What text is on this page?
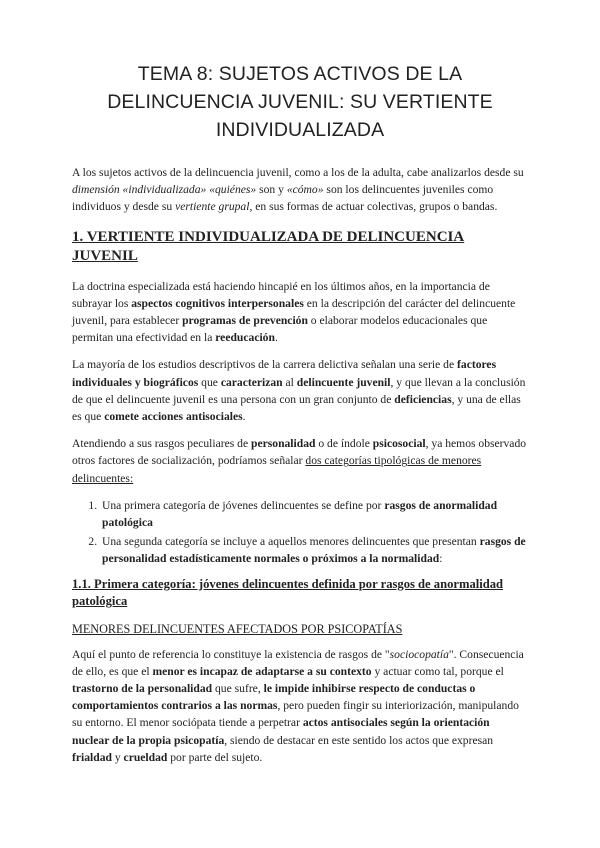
TEMA 8: SUJETOS ACTIVOS DE LA DELINCUENCIA JUVENIL: SU VERTIENTE INDIVIDUALIZADA

A los sujetos activos de la delincuencia juvenil, como a los de la adulta, cabe analizarlos desde su dimensión «individualizada» «quiénes» son y «cómo» son los delincuentes juveniles como individuos y desde su vertiente grupal, en sus formas de actuar colectivas, grupos o bandas.

1. VERTIENTE INDIVIDUALIZADA DE DELINCUENCIA JUVENIL

La doctrina especializada está haciendo hincapié en los últimos años, en la importancia de subrayar los aspectos cognitivos interpersonales en la descripción del carácter del delincuente juvenil, para establecer programas de prevención o elaborar modelos educacionales que permitan una efectividad en la reeducación.

La mayoría de los estudios descriptivos de la carrera delictiva señalan una serie de factores individuales y biográficos que caracterizan al delincuente juvenil, y que llevan a la conclusión de que el delincuente juvenil es una persona con un gran conjunto de deficiencias, y una de ellas es que comete acciones antisociales.

Atendiendo a sus rasgos peculiares de personalidad o de índole psicosocial, ya hemos observado otros factores de socialización, podríamos señalar dos categorías tipológicas de menores delincuentes:

1. Una primera categoría de jóvenes delincuentes se define por rasgos de anormalidad patológica
2. Una segunda categoría se incluye a aquellos menores delincuentes que presentan rasgos de personalidad estadísticamente normales o próximos a la normalidad:
1.1. Primera categoría: jóvenes delincuentes definida por rasgos de anormalidad patológica
MENORES DELINCUENTES AFECTADOS POR PSICOPATÍAS

Aquí el punto de referencia lo constituye la existencia de rasgos de "sociocopatía". Consecuencia de ello, es que el menor es incapaz de adaptarse a su contexto y actuar como tal, porque el trastorno de la personalidad que sufre, le impide inhibirse respecto de conductas o comportamientos contrarios a las normas, pero pueden fingir su interiorización, manipulando su entorno. El menor sociópata tiende a perpetrar actos antisociales según la orientación nuclear de la propia psicopatía, siendo de destacar en este sentido los actos que expresan frialdad y crueldad por parte del sujeto.
